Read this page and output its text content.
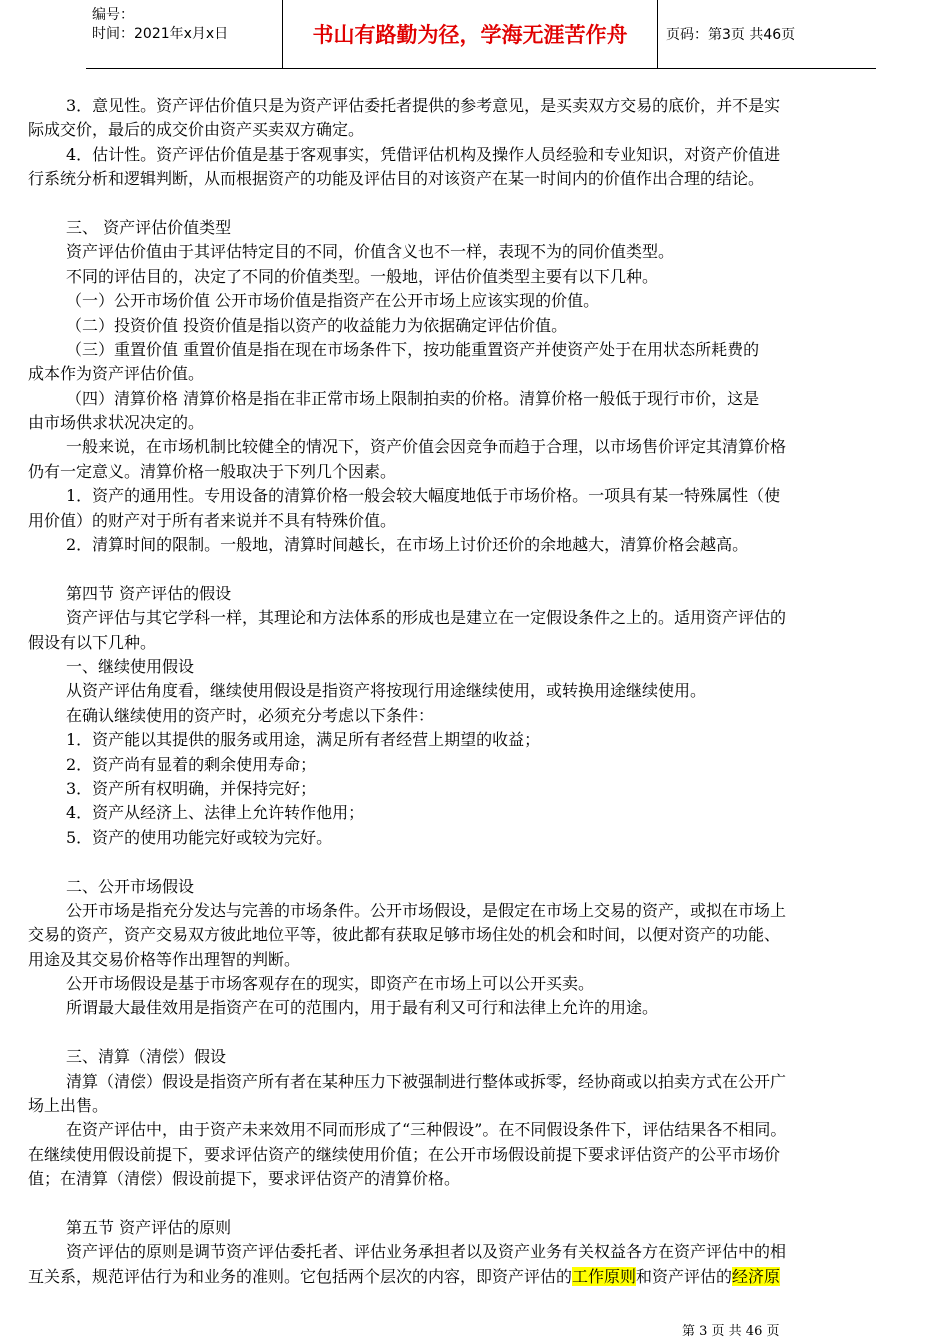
编号：
时间：2021年x月x日	书山有路勤为径，学海无涯苦作舟	页码：第3页 共46页
3．意见性。资产评估价值只是为资产评估委托者提供的参考意见，是买卖双方交易的底价，并不是实
际成交价，最后的成交价由资产买卖双方确定。
4．估计性。资产评估价值是基于客观事实，凭借评估机构及操作人员经验和专业知识，对资产价值进
行系统分析和逻辑判断，从而根据资产的功能及评估目的对该资产在某一时间内的价值作出合理的结论。
三、 资产评估价值类型
资产评估价值由于其评估特定目的不同，价值含义也不一样，表现不为的同价值类型。
不同的评估目的，决定了不同的价值类型。一般地，评估价值类型主要有以下几种。
（一）公开市场价值 公开市场价值是指资产在公开市场上应该实现的价值。
（二）投资价值 投资价值是指以资产的收益能力为依据确定评估价值。
（三）重置价值 重置价值是指在现在市场条件下，按功能重置资产并使资产处于在用状态所耗费的
成本作为资产评估价值。
（四）清算价格 清算价格是指在非正常市场上限制拍卖的价格。清算价格一般低于现行市价，这是
由市场供求状况决定的。
一般来说，在市场机制比较健全的情况下，资产价值会因竞争而趋于合理，以市场售价评定其清算价格
仍有一定意义。清算价格一般取决于下列几个因素。
1．资产的通用性。专用设备的清算价格一般会较大幅度地低于市场价格。一项具有某一特殊属性（使
用价值）的财产对于所有者来说并不具有特殊价值。
2．清算时间的限制。一般地，清算时间越长，在市场上讨价还价的余地越大，清算价格会越高。
第四节 资产评估的假设
资产评估与其它学科一样，其理论和方法体系的形成也是建立在一定假设条件之上的。适用资产评估的
假设有以下几种。
一、继续使用假设
从资产评估角度看，继续使用假设是指资产将按现行用途继续使用，或转换用途继续使用。
在确认继续使用的资产时，必须充分考虑以下条件：
1．资产能以其提供的服务或用途，满足所有者经营上期望的收益；
2．资产尚有显着的剩余使用寿命；
3．资产所有权明确，并保持完好；
4．资产从经济上、法律上允许转作他用；
5．资产的使用功能完好或较为完好。
二、公开市场假设
公开市场是指充分发达与完善的市场条件。公开市场假设，是假定在市场上交易的资产，或拟在市场上
交易的资产，资产交易双方彼此地位平等，彼此都有获取足够市场住处的机会和时间，以便对资产的功能、
用途及其交易价格等作出理智的判断。
公开市场假设是基于市场客观存在的现实，即资产在市场上可以公开买卖。
所谓最大最佳效用是指资产在可的范围内，用于最有利又可行和法律上允许的用途。
三、清算（清偿）假设
清算（清偿）假设是指资产所有者在某种压力下被强制进行整体或拆零，经协商或以拍卖方式在公开广
场上出售。
在资产评估中，由于资产未来效用不同而形成了“三种假设”。在不同假设条件下，评估结果各不相同。
在继续使用假设前提下，要求评估资产的继续使用价值；在公开市场假设前提下要求评估资产的公平市场价
值；在清算（清偿）假设前提下，要求评估资产的清算价格。
第五节 资产评估的原则
资产评估的原则是调节资产评估委托者、评估业务承担者以及资产业务有关权益各方在资产评估中的相
互关系，规范评估行为和业务的准则。它包括两个层次的内容，即资产评估的工作原则和资产评估的经济原
第 3 页 共 46 页
